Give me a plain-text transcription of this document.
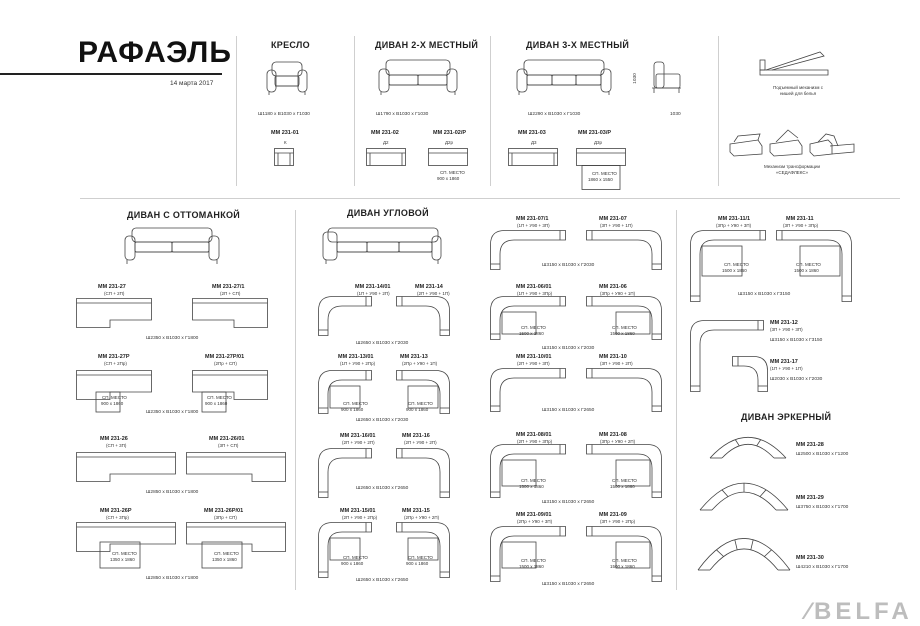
РАФАЭЛЬ
14 марта 2017
КРЕСЛО
Ш1180 х В1030 х Г1030
ММ 231-01
К
ДИВАН 2-Х МЕСТНЫЙ
Ш1790 х В1030 х Г1030
ММ 231-02
Д2
ММ 231-02/Р
Д2р
СП. МЕСТО
900 х 1860
ДИВАН 3-Х МЕСТНЫЙ
1030
1030
Ш2290 х В1030 х Г1030
ММ 231-03
Д3
ММ 231-03/Р
Д3р
СП. МЕСТО
1860 х 1550
Подъемный механизм с нишей для белья
Механизм трансформации «СЕДАФЛЕКС»
ДИВАН С ОТТОМАНКОЙ
ММ 231-27
(СП + 2П)
ММ 231-27/1
(2П + СП)
Ш2350 х В1030 х Г1800
ММ 231-27Р
(СП + 2Пр)
ММ 231-27Р/01
(2Пр + СП)
СП. МЕСТО
900 х 1860
СП. МЕСТО
900 х 1860
Ш2350 х В1030 х Г1800
ММ 231-26
(СП + 3П)
ММ 231-26/01
(3П + СП)
Ш2850 х В1030 х Г1800
ММ 231-26Р
(СП + 3Пр)
ММ 231-26Р/01
(3Пр + СП)
СП. МЕСТО
1350 х 1860
СП. МЕСТО
1350 х 1860
Ш2850 х В1030 х Г1800
ДИВАН УГЛОВОЙ
ДИВАН ЭРКЕРНЫЙ
⁄BELFA
ММ 231-14/01
(1П + У90 + 2П)
ММ 231-14
(2П + У90 + 1П)
ММ 231-13/01
(1П + У90 + 2Пр)
ММ 231-13
(2Пр + У90 + 1П)
ММ 231-16/01
(2П + У90 + 2П)
ММ 231-16
(2П + У90 + 2П)
ММ 231-15/01
(2П + У90 + 2Пр)
ММ 231-15
(2Пр + У90 + 2П)
СП. МЕСТО
900 х 1860
СП. МЕСТО
900 х 1860
СП. МЕСТО
900 х 1860
СП. МЕСТО
900 х 1860
Ш2650 х В1030 х Г2030
Ш2650 х В1030 х Г2030
Ш2650 х В1030 х Г2650
Ш2650 х В1030 х Г2650
ММ 231-07/1
(1П + У90 + 3П)
ММ 231-07
(3П + У90 + 1П)
ММ 231-06/01
(1П + У90 + 3Пр)
ММ 231-06
(3Пр + У90 + 1П)
ММ 231-10/01
(2П + У90 + 3П)
ММ 231-10
(3П + У90 + 2П)
ММ 231-08/01
(2П + У90 + 3Пр)
ММ 231-08
(3Пр + У90 + 2П)
ММ 231-09/01
(2Пр + У90 + 3П)
ММ 231-09
(3П + У90 + 2Пр)
СП. МЕСТО
1500 х 1860
СП. МЕСТО
1500 х 1860
СП. МЕСТО
1500 х 1860
СП. МЕСТО
1500 х 1860
СП. МЕСТО
1500 х 1860
СП. МЕСТО
1500 х 1860
Ш3150 х В1030 х Г2030
Ш3150 х В1030 х Г2030
Ш3150 х В1030 х Г2650
Ш3150 х В1030 х Г2650
Ш3150 х В1030 х Г2650
ММ 231-11/1
(3Пр + У90 + 3П)
ММ 231-11
(3П + У90 + 3Пр)
СП. МЕСТО
1500 х 1860
СП. МЕСТО
1500 х 1860
Ш3150 х В1030 х Г3150
ММ 231-12
(3П + У90 + 3П)
Ш3150 х В1030 х Г3150
ММ 231-17
(1П + У90 + 1П)
Ш2030 х В1030 х Г2030
ММ 231-28
Ш2500 х В1030 х Г1200
ММ 231-29
Ш3750 х В1030 х Г1700
ММ 231-30
Ш4210 х В1030 х Г1700
